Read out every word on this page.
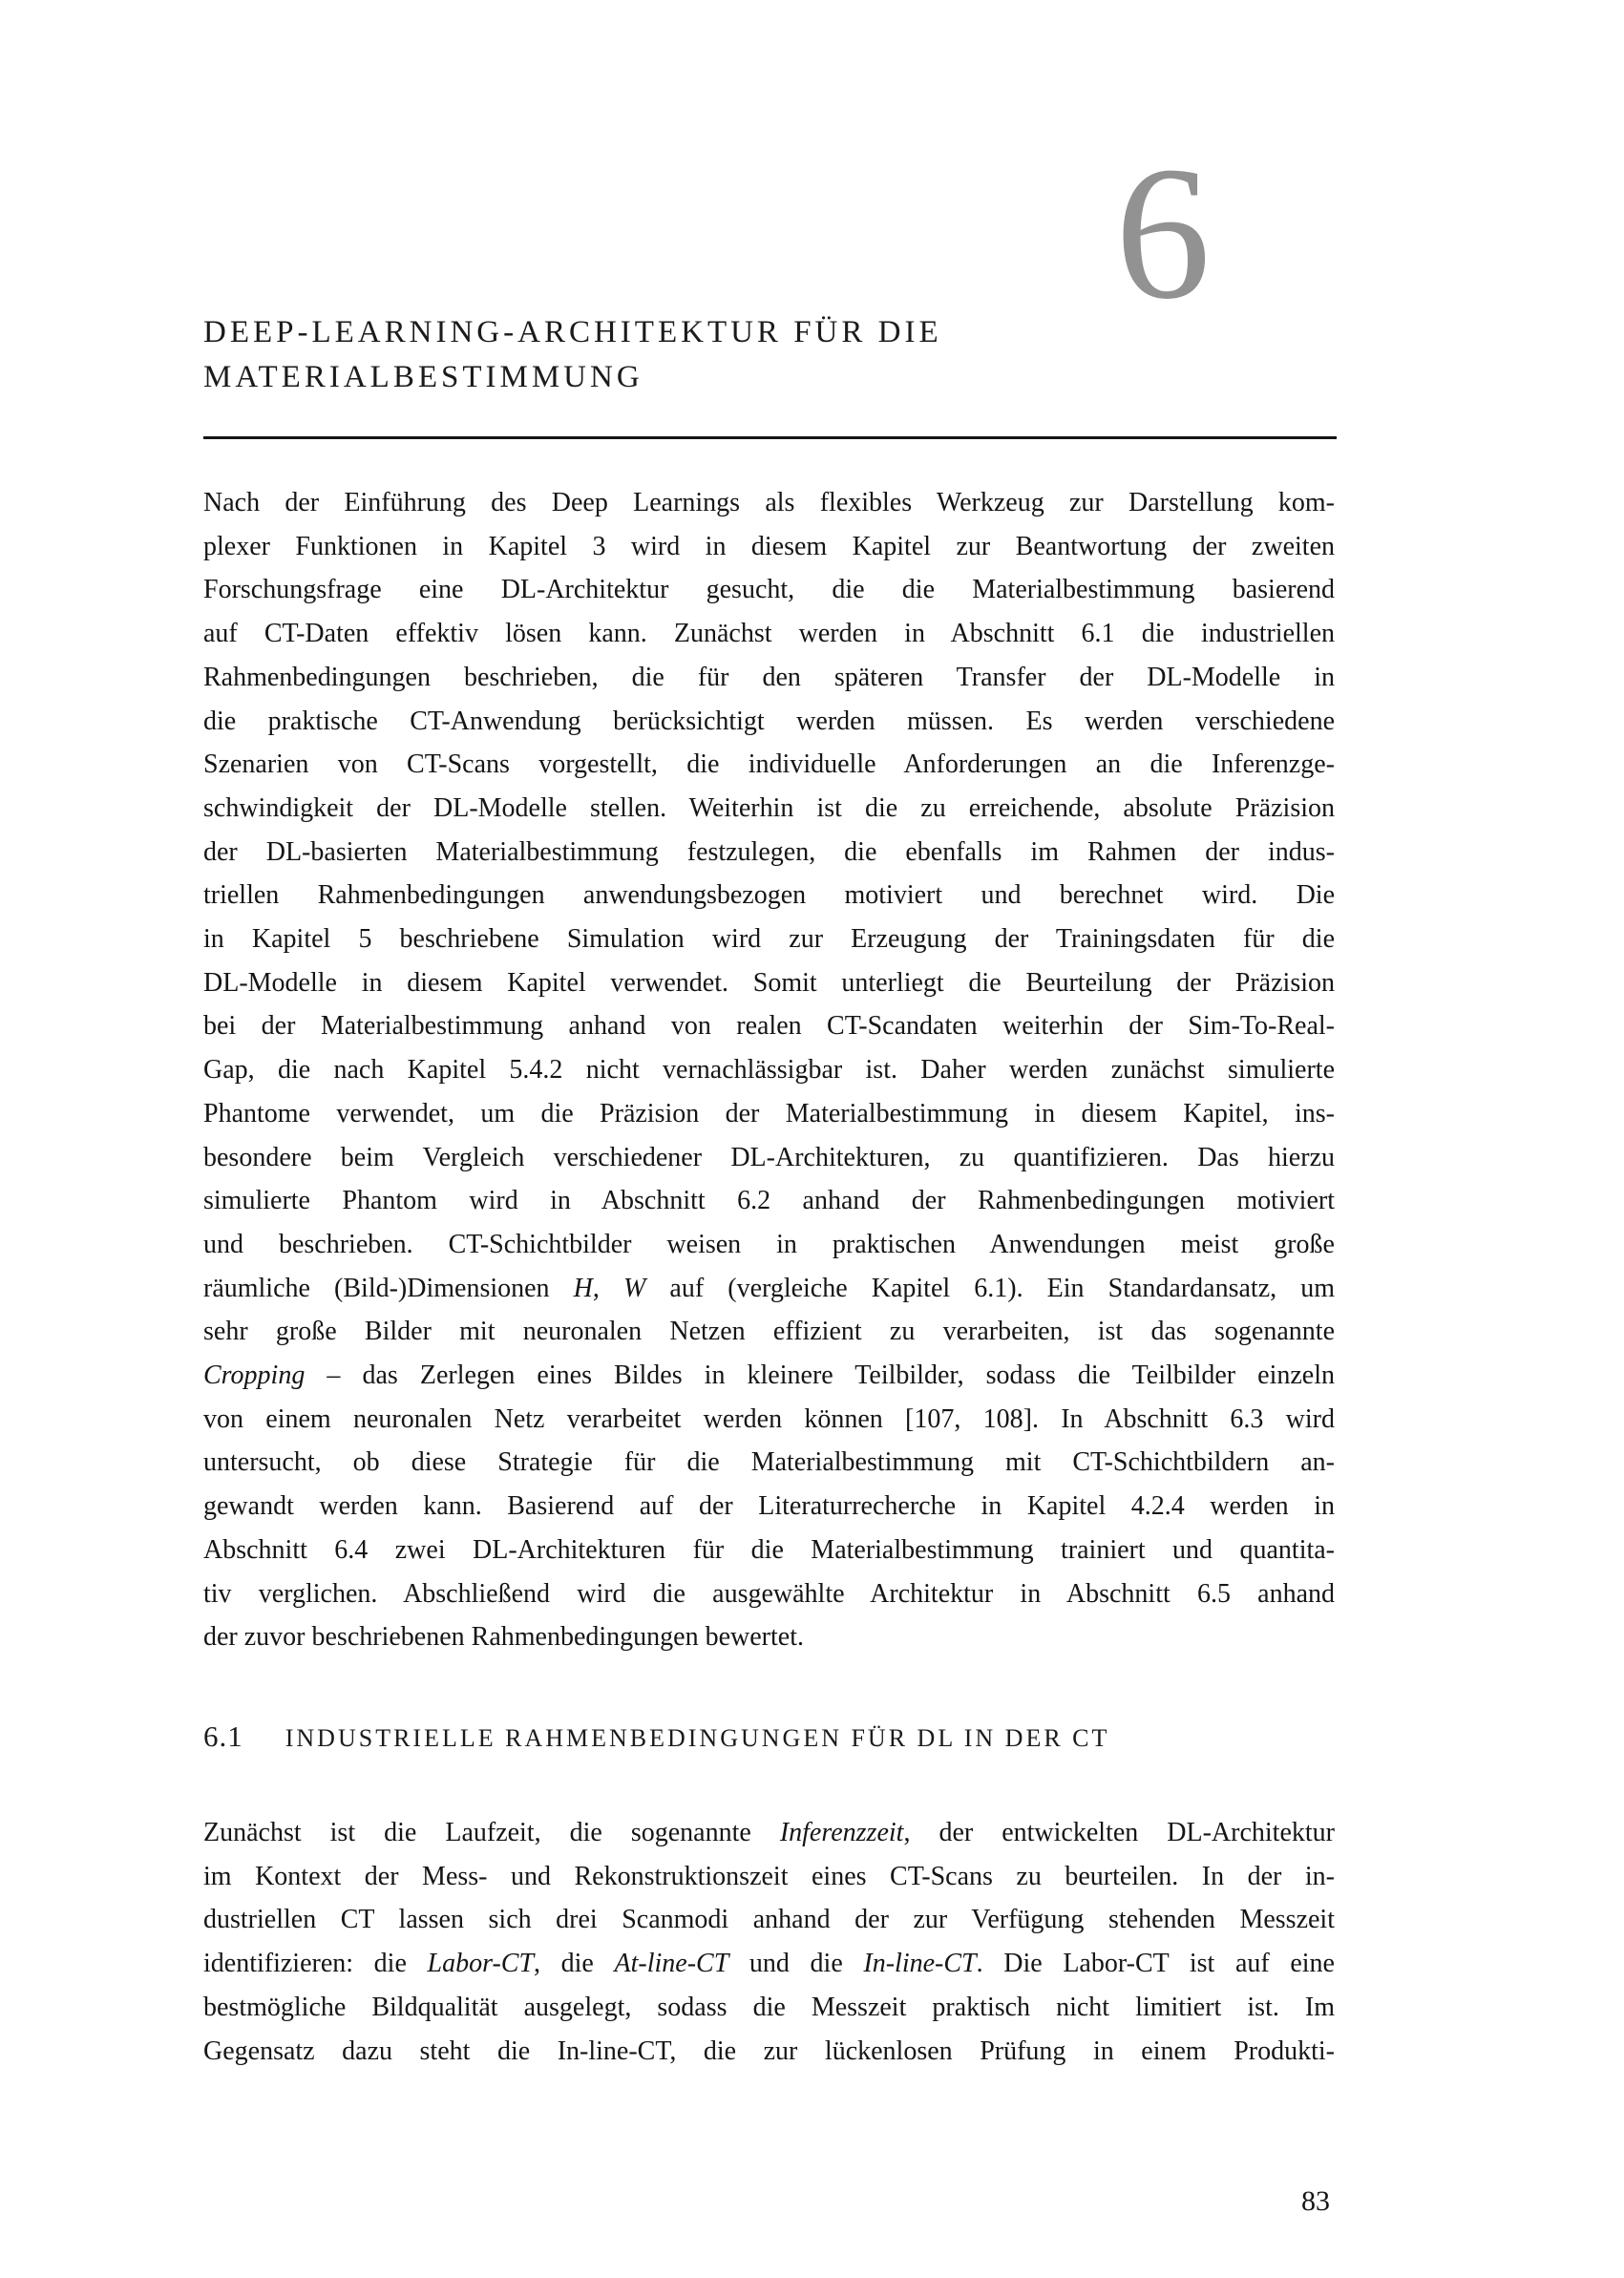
6
DEEP-LEARNING-ARCHITEKTUR FÜR DIE
MATERIALBESTIMMUNG
Nach der Einführung des Deep Learnings als flexibles Werkzeug zur Darstellung kom-
plexer Funktionen in Kapitel 3 wird in diesem Kapitel zur Beantwortung der zweiten
Forschungsfrage eine DL-Architektur gesucht, die die Materialbestimmung basierend
auf CT-Daten effektiv lösen kann. Zunächst werden in Abschnitt 6.1 die industriellen
Rahmenbedingungen beschrieben, die für den späteren Transfer der DL-Modelle in
die praktische CT-Anwendung berücksichtigt werden müssen. Es werden verschiedene
Szenarien von CT-Scans vorgestellt, die individuelle Anforderungen an die Inferenzge-
schwindigkeit der DL-Modelle stellen. Weiterhin ist die zu erreichende, absolute Präzision
der DL-basierten Materialbestimmung festzulegen, die ebenfalls im Rahmen der indus-
triellen Rahmenbedingungen anwendungsbezogen motiviert und berechnet wird. Die
in Kapitel 5 beschriebene Simulation wird zur Erzeugung der Trainingsdaten für die
DL-Modelle in diesem Kapitel verwendet. Somit unterliegt die Beurteilung der Präzision
bei der Materialbestimmung anhand von realen CT-Scandaten weiterhin der Sim-To-Real-
Gap, die nach Kapitel 5.4.2 nicht vernachlässigbar ist. Daher werden zunächst simulierte
Phantome verwendet, um die Präzision der Materialbestimmung in diesem Kapitel, ins-
besondere beim Vergleich verschiedener DL-Architekturen, zu quantifizieren. Das hierzu
simulierte Phantom wird in Abschnitt 6.2 anhand der Rahmenbedingungen motiviert
und beschrieben. CT-Schichtbilder weisen in praktischen Anwendungen meist große
räumliche (Bild-)Dimensionen H, W auf (vergleiche Kapitel 6.1). Ein Standardansatz, um
sehr große Bilder mit neuronalen Netzen effizient zu verarbeiten, ist das sogenannte
Cropping – das Zerlegen eines Bildes in kleinere Teilbilder, sodass die Teilbilder einzeln
von einem neuronalen Netz verarbeitet werden können [107, 108]. In Abschnitt 6.3 wird
untersucht, ob diese Strategie für die Materialbestimmung mit CT-Schichtbildern an-
gewandt werden kann. Basierend auf der Literaturrecherche in Kapitel 4.2.4 werden in
Abschnitt 6.4 zwei DL-Architekturen für die Materialbestimmung trainiert und quantita-
tiv verglichen. Abschließend wird die ausgewählte Architektur in Abschnitt 6.5 anhand
der zuvor beschriebenen Rahmenbedingungen bewertet.
6.1 INDUSTRIELLE RAHMENBEDINGUNGEN FÜR DL IN DER CT
Zunächst ist die Laufzeit, die sogenannte Inferenzzeit, der entwickelten DL-Architektur
im Kontext der Mess- und Rekonstruktionszeit eines CT-Scans zu beurteilen. In der in-
dustriellen CT lassen sich drei Scanmodi anhand der zur Verfügung stehenden Messzeit
identifizieren: die Labor-CT, die At-line-CT und die In-line-CT. Die Labor-CT ist auf eine
bestmögliche Bildqualität ausgelegt, sodass die Messzeit praktisch nicht limitiert ist. Im
Gegensatz dazu steht die In-line-CT, die zur lückenlosen Prüfung in einem Produkti-
83
